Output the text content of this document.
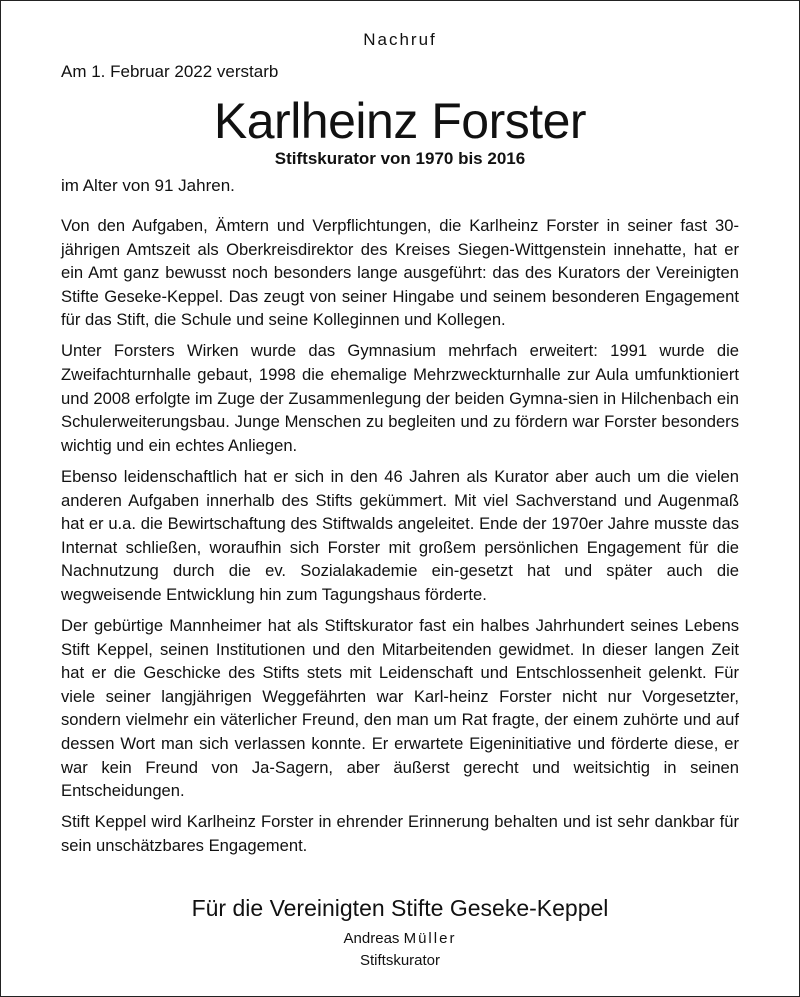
Nachruf
Am 1. Februar 2022 verstarb
Karlheinz Forster
Stiftskurator von 1970 bis 2016
im Alter von 91 Jahren.

Von den Aufgaben, Ämtern und Verpflichtungen, die Karlheinz Forster in seiner fast 30-jährigen Amtszeit als Oberkreisdirektor des Kreises Siegen-Wittgenstein innehatte, hat er ein Amt ganz bewusst noch besonders lange ausgeführt: das des Kurators der Vereinigten Stifte Geseke-Keppel. Das zeugt von seiner Hingabe und seinem besonderen Engagement für das Stift, die Schule und seine Kolleginnen und Kollegen.

Unter Forsters Wirken wurde das Gymnasium mehrfach erweitert: 1991 wurde die Zweifachturnhalle gebaut, 1998 die ehemalige Mehrzweckturnhalle zur Aula umfunktioniert und 2008 erfolgte im Zuge der Zusammenlegung der beiden Gymna-sien in Hilchenbach ein Schulerweiterungsbau. Junge Menschen zu begleiten und zu fördern war Forster besonders wichtig und ein echtes Anliegen.

Ebenso leidenschaftlich hat er sich in den 46 Jahren als Kurator aber auch um die vielen anderen Aufgaben innerhalb des Stifts gekümmert. Mit viel Sachverstand und Augenmaß hat er u.a. die Bewirtschaftung des Stiftwalds angeleitet. Ende der 1970er Jahre musste das Internat schließen, woraufhin sich Forster mit großem persönlichen Engagement für die Nachnutzung durch die ev. Sozialakademie ein-gesetzt hat und später auch die wegweisende Entwicklung hin zum Tagungshaus förderte.

Der gebürtige Mannheimer hat als Stiftskurator fast ein halbes Jahrhundert seines Lebens Stift Keppel, seinen Institutionen und den Mitarbeitenden gewidmet. In dieser langen Zeit hat er die Geschicke des Stifts stets mit Leidenschaft und Entschlossenheit gelenkt. Für viele seiner langjährigen Weggefährten war Karl-heinz Forster nicht nur Vorgesetzter, sondern vielmehr ein väterlicher Freund, den man um Rat fragte, der einem zuhörte und auf dessen Wort man sich verlassen konnte. Er erwartete Eigeninitiative und förderte diese, er war kein Freund von Ja-Sagern, aber äußerst gerecht und weitsichtig in seinen Entscheidungen.

Stift Keppel wird Karlheinz Forster in ehrender Erinnerung behalten und ist sehr dankbar für sein unschätzbares Engagement.

Für die Vereinigten Stifte Geseke-Keppel
Andreas Müller
Stiftskurator
